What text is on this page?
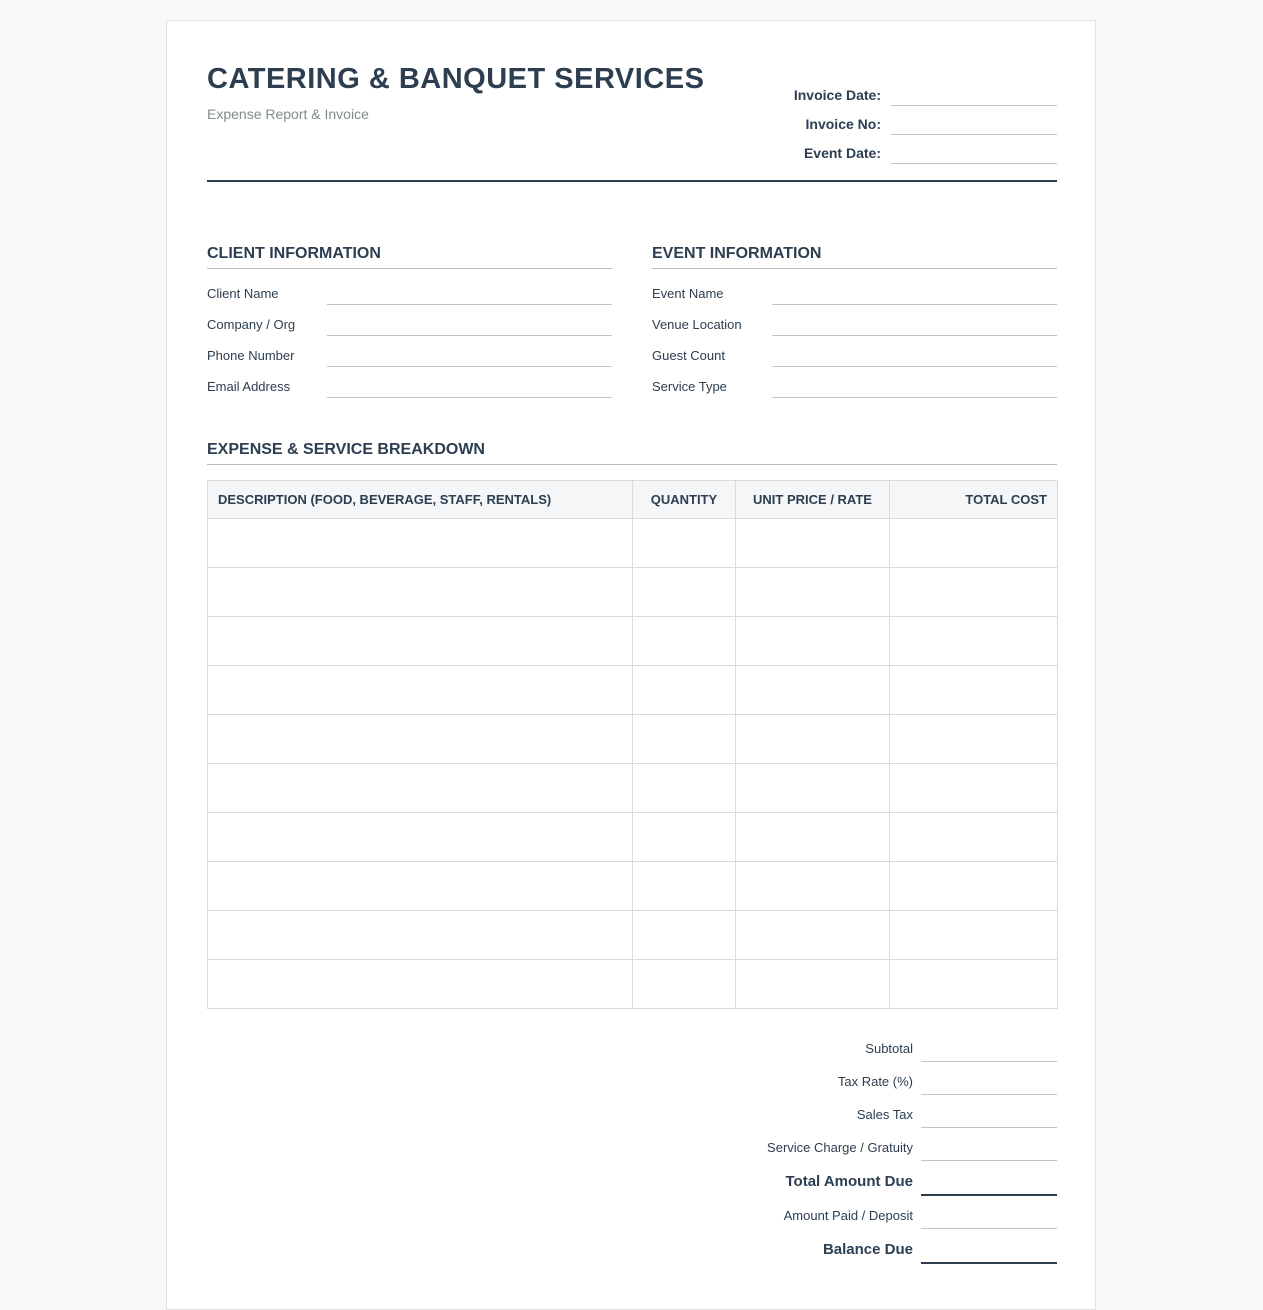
CATERING & BANQUET SERVICES
Expense Report & Invoice
Invoice Date:
Invoice No:
Event Date:
CLIENT INFORMATION
Client Name
Company / Org
Phone Number
Email Address
EVENT INFORMATION
Event Name
Venue Location
Guest Count
Service Type
EXPENSE & SERVICE BREAKDOWN
DESCRIPTION (FOOD, BEVERAGE, STAFF, RENTALS)	QUANTITY	UNIT PRICE / RATE	TOTAL COST

Subtotal
Tax Rate (%)
Sales Tax
Service Charge / Gratuity
Total Amount Due
Amount Paid / Deposit
Balance Due
